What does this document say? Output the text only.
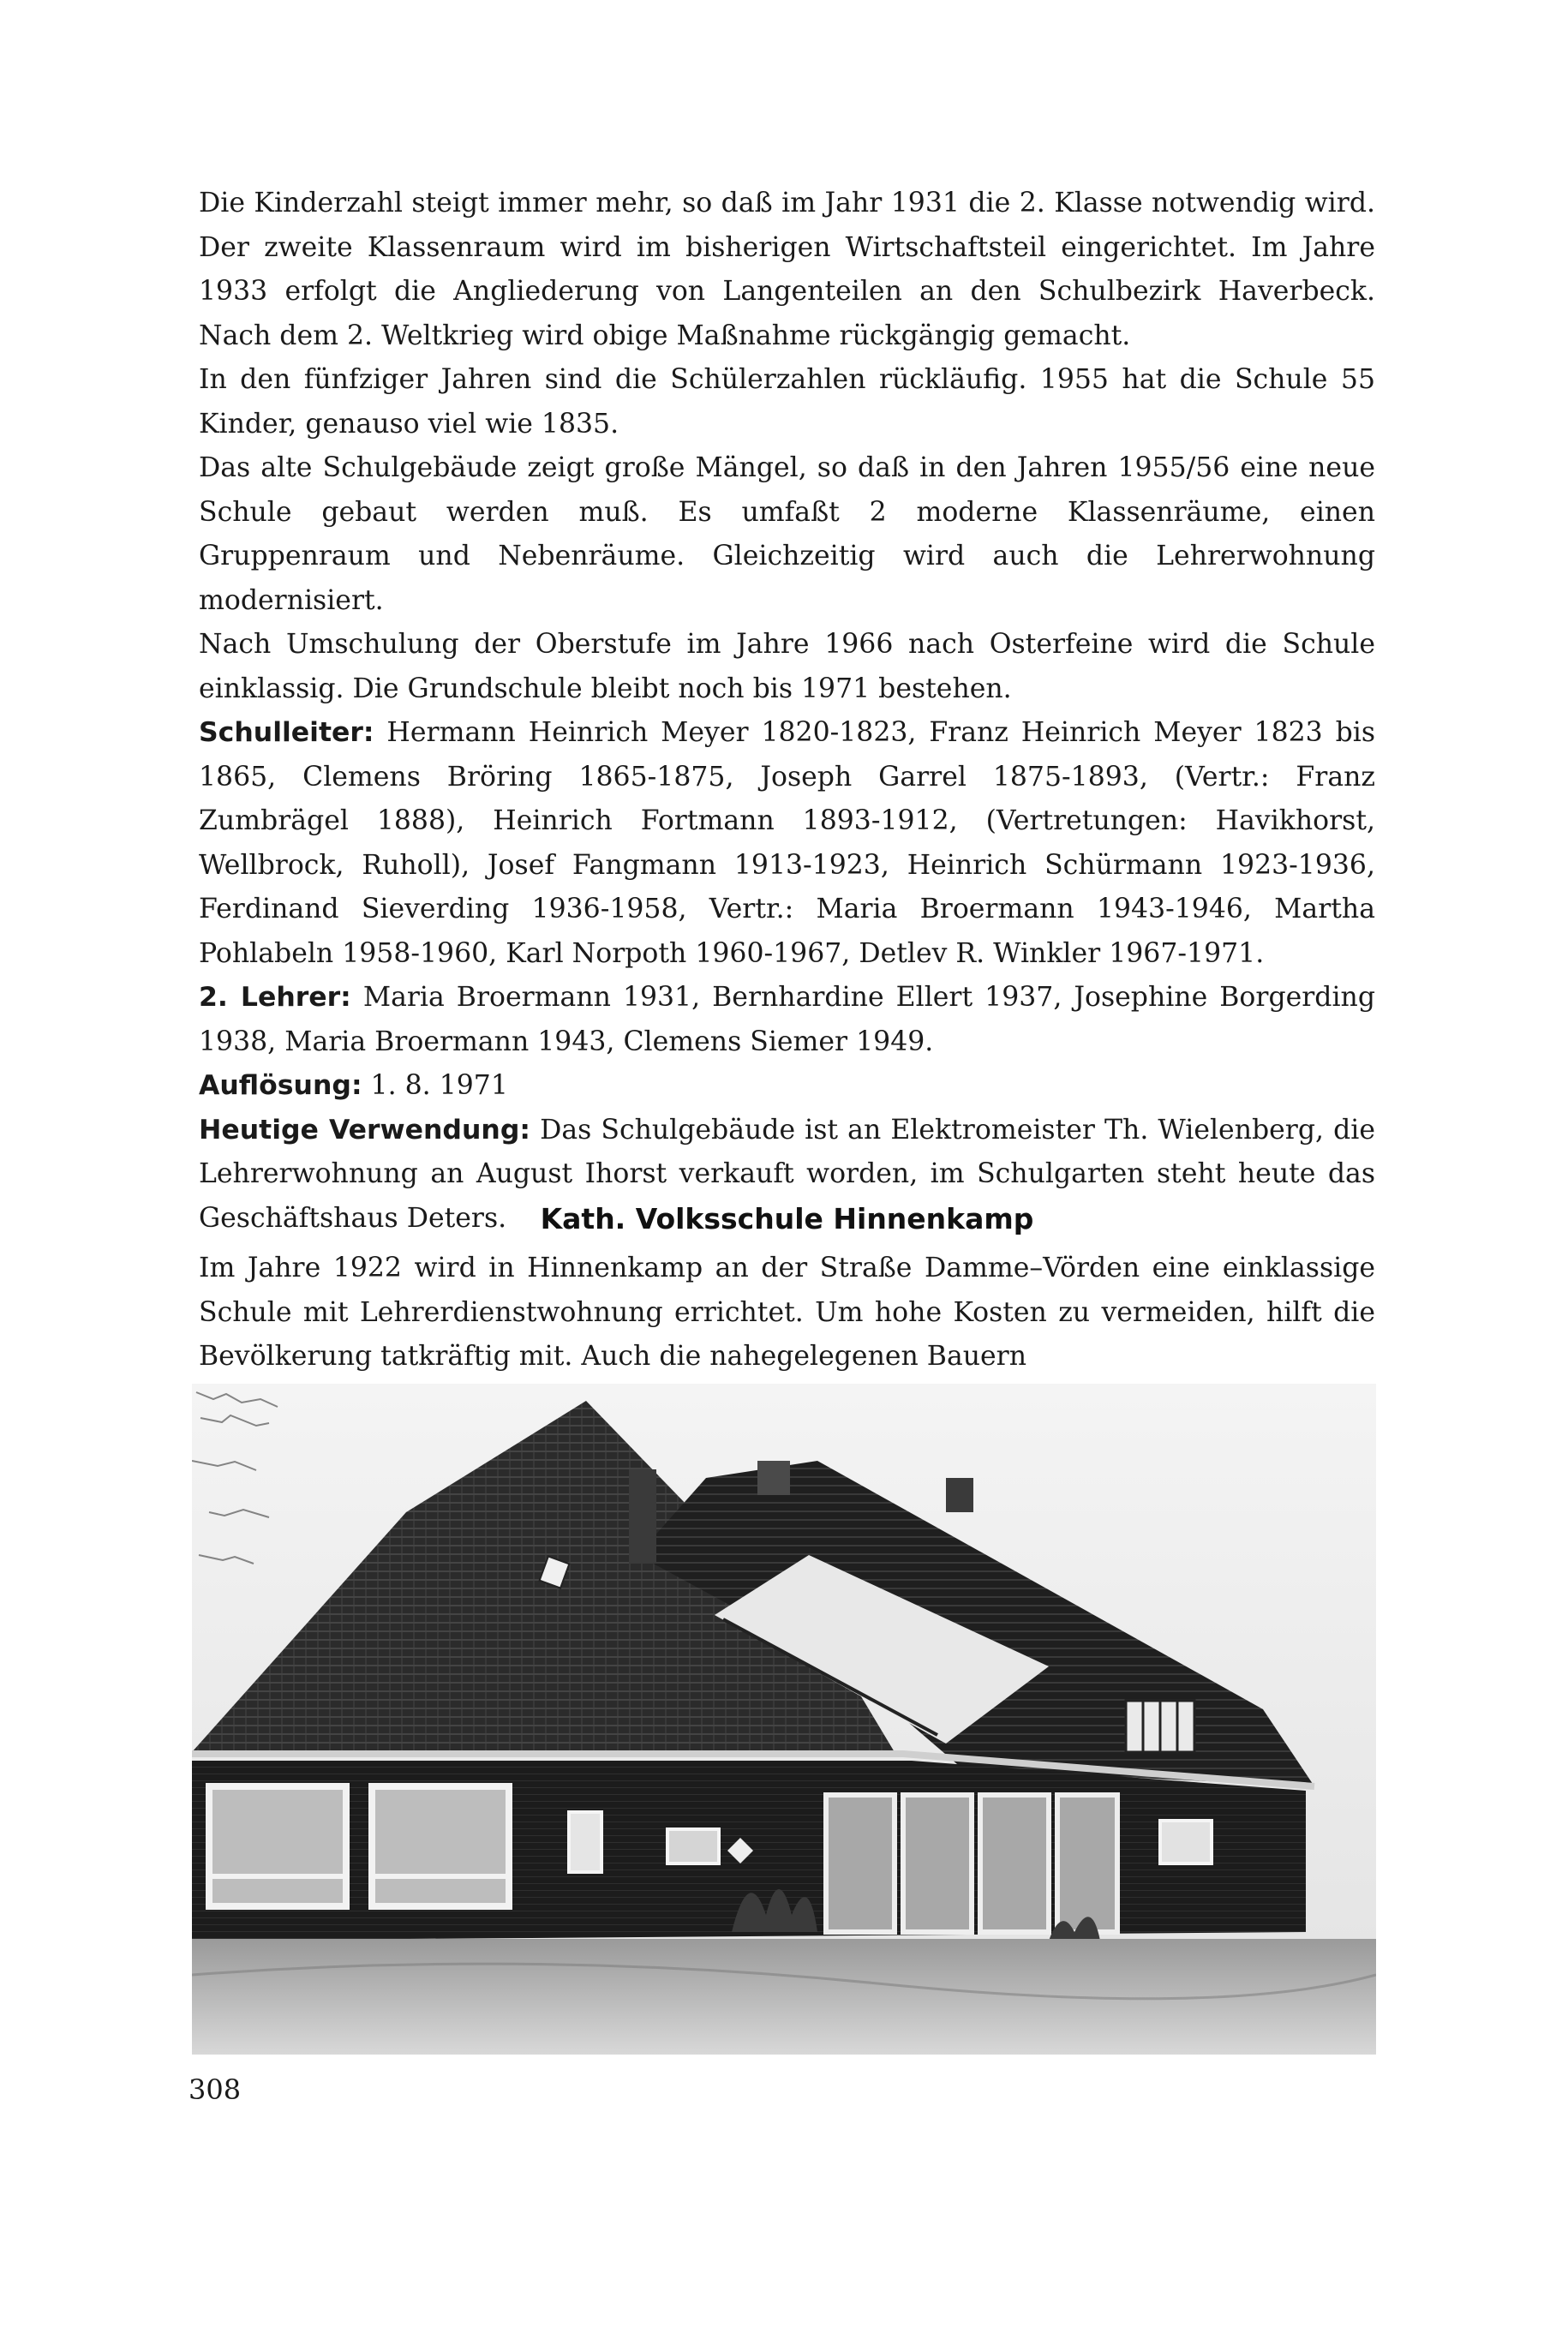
Die Kinderzahl steigt immer mehr, so daß im Jahr 1931 die 2. Klasse notwendig wird. Der zweite Klassenraum wird im bisherigen Wirtschaftsteil eingerichtet. Im Jahre 1933 erfolgt die Angliederung von Langenteilen an den Schulbezirk Haverbeck. Nach dem 2. Weltkrieg wird obige Maßnahme rückgängig gemacht.

In den fünfziger Jahren sind die Schülerzahlen rückläufig. 1955 hat die Schule 55 Kinder, genauso viel wie 1835.

Das alte Schulgebäude zeigt große Mängel, so daß in den Jahren 1955/56 eine neue Schule gebaut werden muß. Es umfaßt 2 moderne Klassenräume, einen Gruppenraum und Nebenräume. Gleichzeitig wird auch die Lehrerwohnung modernisiert.

Nach Umschulung der Oberstufe im Jahre 1966 nach Osterfeine wird die Schule einklassig. Die Grundschule bleibt noch bis 1971 bestehen.

Schulleiter: Hermann Heinrich Meyer 1820-1823, Franz Heinrich Meyer 1823 bis 1865, Clemens Bröring 1865-1875, Joseph Garrel 1875-1893, (Vertr.: Franz Zumbrägel 1888), Heinrich Fortmann 1893-1912, (Vertretungen: Havikhorst, Wellbrock, Ruholl), Josef Fangmann 1913-1923, Heinrich Schürmann 1923-1936, Ferdinand Sieverding 1936-1958, Vertr.: Maria Broermann 1943-1946, Martha Pohlabeln 1958-1960, Karl Norpoth 1960-1967, Detlev R. Winkler 1967-1971.

2. Lehrer: Maria Broermann 1931, Bernhardine Ellert 1937, Josephine Borgerding 1938, Maria Broermann 1943, Clemens Siemer 1949.

Auflösung: 1. 8. 1971

Heutige Verwendung: Das Schulgebäude ist an Elektromeister Th. Wielenberg, die Lehrerwohnung an August Ihorst verkauft worden, im Schulgarten steht heute das Geschäftshaus Deters.	Kath. Volksschule Hinnenkamp

Im Jahre 1922 wird in Hinnenkamp an der Straße Damme–Vörden eine einklassige Schule mit Lehrerdienstwohnung errichtet. Um hohe Kosten zu vermeiden, hilft die Bevölkerung tatkräftig mit. Auch die nahegelegenen Bauern

308
